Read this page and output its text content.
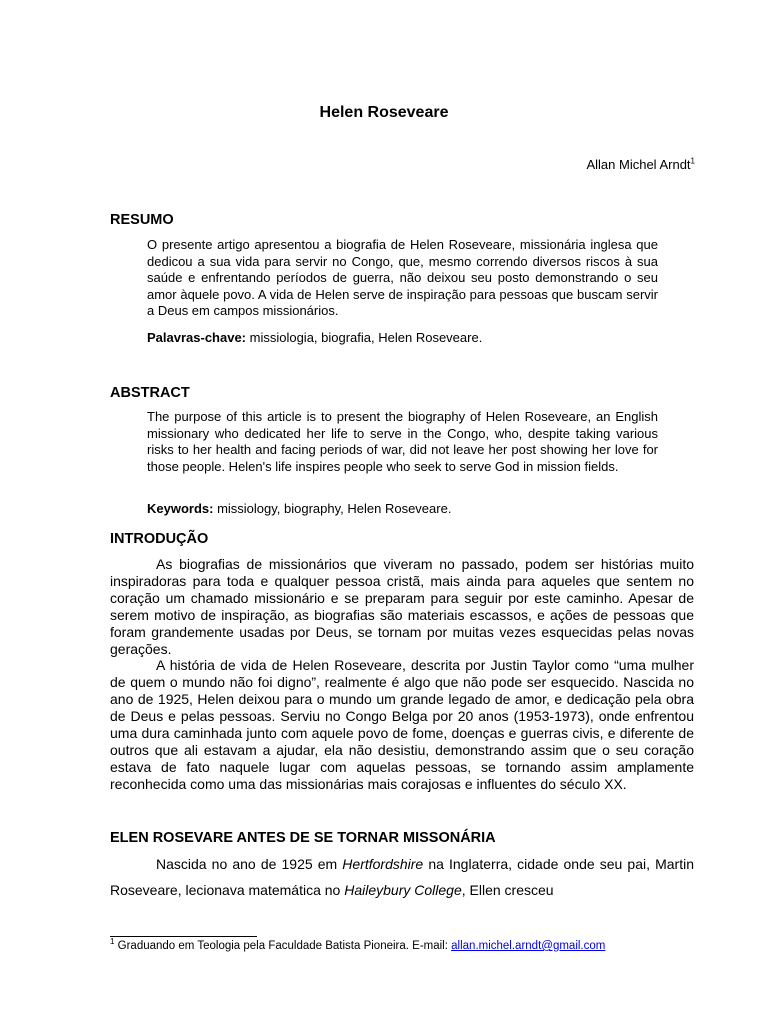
Helen Roseveare
Allan Michel Arndt$^1$
RESUMO
O presente artigo apresentou a biografia de Helen Roseveare, missionária inglesa que dedicou a sua vida para servir no Congo, que, mesmo correndo diversos riscos à sua saúde e enfrentando períodos de guerra, não deixou seu posto demonstrando o seu amor àquele povo. A vida de Helen serve de inspiração para pessoas que buscam servir a Deus em campos missionários.
Palavras-chave: missiologia, biografia, Helen Roseveare.
ABSTRACT
The purpose of this article is to present the biography of Helen Roseveare, an English missionary who dedicated her life to serve in the Congo, who, despite taking various risks to her health and facing periods of war, did not leave her post showing her love for those people. Helen's life inspires people who seek to serve God in mission fields.
Keywords: missiology, biography, Helen Roseveare.
INTRODUÇÃO

As biografias de missionários que viveram no passado, podem ser histórias muito inspiradoras para toda e qualquer pessoa cristã, mais ainda para aqueles que sentem no coração um chamado missionário e se preparam para seguir por este caminho. Apesar de serem motivo de inspiração, as biografias são materiais escassos, e ações de pessoas que foram grandemente usadas por Deus, se tornam por muitas vezes esquecidas pelas novas gerações.

A história de vida de Helen Roseveare, descrita por Justin Taylor como “uma mulher de quem o mundo não foi digno”, realmente é algo que não pode ser esquecido. Nascida no ano de 1925, Helen deixou para o mundo um grande legado de amor, e dedicação pela obra de Deus e pelas pessoas. Serviu no Congo Belga por 20 anos (1953-1973), onde enfrentou uma dura caminhada junto com aquele povo de fome, doenças e guerras civis, e diferente de outros que ali estavam a ajudar, ela não desistiu, demonstrando assim que o seu coração estava de fato naquele lugar com aquelas pessoas, se tornando assim amplamente reconhecida como uma das missionárias mais corajosas e influentes do século XX.

ELEN ROSEVARE ANTES DE SE TORNAR MISSONÁRIA

Nascida no ano de 1925 em Hertfordshire na Inglaterra, cidade onde seu pai, Martin Roseveare, lecionava matemática no Haileybury College, Ellen cresceu

$^1$ Graduando em Teologia pela Faculdade Batista Pioneira. E-mail: allan.michel.arndt@gmail.com
